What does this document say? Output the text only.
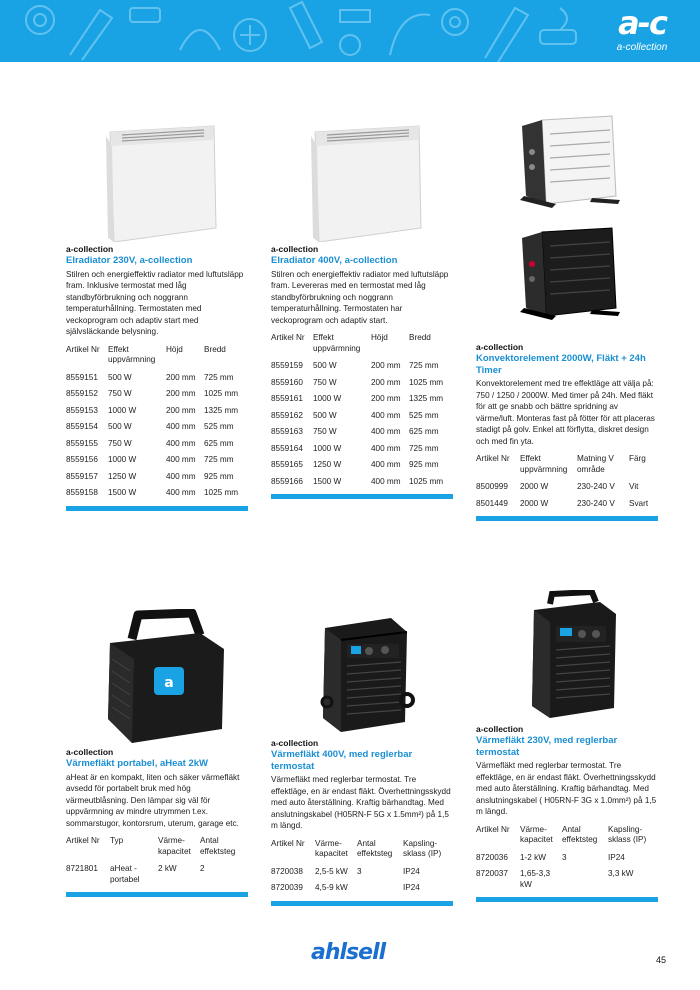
a-c
a-collection
a-collection
Elradiator 230V, a-collection
Stilren och energieffektiv radiator med luftutsläpp fram. Inklusive termostat med låg standbyförbrukning och noggrann temperaturhållning. Termostaten med veckoprogram och adaptiv start med självsläckande belysning.
Artikel Nr	Effekt uppvärmning	Höjd	Bredd
8559151	500 W	200 mm	725 mm
8559152	750 W	200 mm	1025 mm
8559153	1000 W	200 mm	1325 mm
8559154	500 W	400 mm	525 mm
8559155	750 W	400 mm	625 mm
8559156	1000 W	400 mm	725 mm
8559157	1250 W	400 mm	925 mm
8559158	1500 W	400 mm	1025 mm
a-collection
Elradiator 400V, a-collection
Stilren och energieffektiv radiator med luftutsläpp fram. Levereras med en termostat med låg standbyförbrukning och noggrann temperaturhållning. Termostaten har veckoprogram och adaptiv start.
Artikel Nr	Effekt uppvärmning	Höjd	Bredd
8559159	500 W	200 mm	725 mm
8559160	750 W	200 mm	1025 mm
8559161	1000 W	200 mm	1325 mm
8559162	500 W	400 mm	525 mm
8559163	750 W	400 mm	625 mm
8559164	1000 W	400 mm	725 mm
8559165	1250 W	400 mm	925 mm
8559166	1500 W	400 mm	1025 mm
a-collection
Konvektorelement 2000W, Fläkt + 24h Timer
Konvektorelement med tre effektläge att välja på: 750 / 1250 / 2000W. Med timer på 24h. Med fläkt för att ge snabb och bättre spridning av värme/luft. Monteras fast på fötter för att placeras stadigt på golv. Enkel att förflytta, diskret design och med fin yta.
Artikel Nr	Effekt uppvärmning	Matning V område	Färg
8500999	2000 W	230-240 V	Vit
8501449	2000 W	230-240 V	Svart
a
a-collection
Värmefläkt portabel, aHeat 2kW
aHeat är en kompakt, liten och säker värmefläkt avsedd för portabelt bruk med hög värmeutblåsning. Den lämpar sig väl för uppvärmning av mindre utrymmen t.ex. sommarstugor, kontorsrum, uterum, garage etc.
Artikel Nr	Typ	Värme-kapacitet	Antal effektsteg
8721801	aHeat - portabel	2 kW	2
a-collection
Värmefläkt 400V, med reglerbar termostat
Värmefläkt med reglerbar termostat. Tre effektläge, en är endast fläkt. Överhettningsskydd med auto återställning. Kraftig bärhandtag. Med anslutningskabel (H05RN-F 5G x 1.5mm²) på 1,5 m längd.
Artikel Nr	Värme-kapacitet	Antal effektsteg	Kapsling-sklass (IP)
8720038	2,5-5 kW	3	IP24
8720039	4,5-9 kW		IP24
a-collection
Värmefläkt 230V, med reglerbar termostat
Värmefläkt med reglerbar termostat. Tre effektläge, en är endast fläkt. Överhettningsskydd med auto återställning. Kraftig bärhandtag. Med anslutningskabel ( H05RN-F 3G x 1.0mm²) på 1,5 m längd.
Artikel Nr	Värme-kapacitet	Antal effektsteg	Kapsling-sklass (IP)
8720036	1-2 kW	3	IP24
8720037	1,65-3,3 kW		3,3 kW
ahlsell	45
